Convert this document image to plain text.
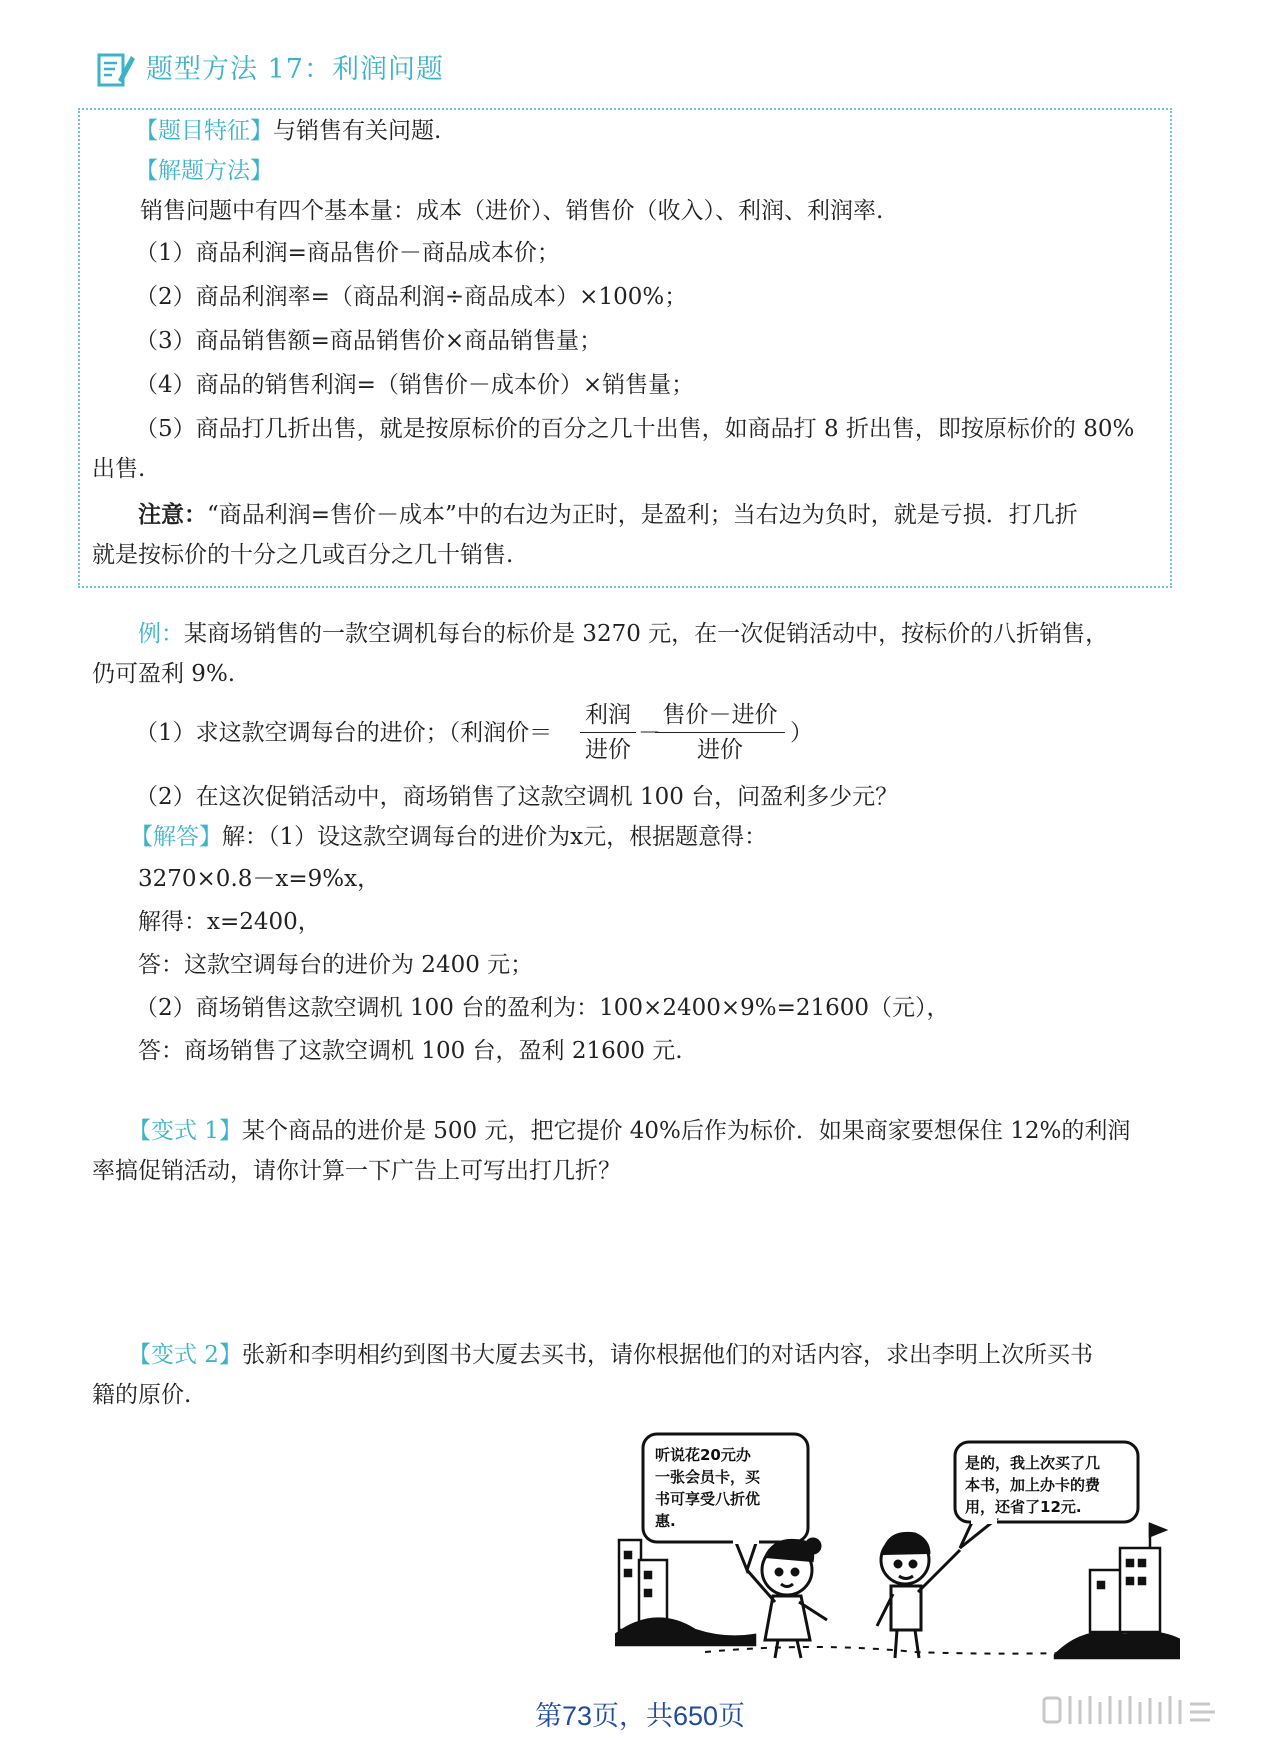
题型方法 17：利润问题
【题目特征】与销售有关问题.
【解题方法】
销售问题中有四个基本量：成本（进价）、销售价（收入）、利润、利润率.
（1）商品利润=商品售价－商品成本价；
（2）商品利润率=（商品利润÷商品成本）×100%；
（3）商品销售额=商品销售价×商品销售量；
（4）商品的销售利润=（销售价－成本价）×销售量；
（5）商品打几折出售，就是按原标价的百分之几十出售，如商品打 8 折出售，即按原标价的 80%
出售.
注意：“商品利润=售价－成本”中的右边为正时，是盈利；当右边为负时，就是亏损．打几折
就是按标价的十分之几或百分之几十销售.
例：某商场销售的一款空调机每台的标价是 3270 元，在一次促销活动中，按标价的八折销售，
仍可盈利 9%.
（1）求这款空调每台的进价；（利润价＝
利润
进价
－
售价－进价
进价
）
（2）在这次促销活动中，商场销售了这款空调机 100 台，问盈利多少元？
【解答】解：（1）设这款空调每台的进价为x元，根据题意得：
3270×0.8－x=9%x，
解得：x=2400，
答：这款空调每台的进价为 2400 元；
（2）商场销售这款空调机 100 台的盈利为：100×2400×9%=21600（元），
答：商场销售了这款空调机 100 台，盈利 21600 元.
【变式 1】某个商品的进价是 500 元，把它提价 40%后作为标价．如果商家要想保住 12%的利润
率搞促销活动，请你计算一下广告上可写出打几折？
【变式 2】张新和李明相约到图书大厦去买书，请你根据他们的对话内容，求出李明上次所买书
籍的原价.
听说花20元办
一张会员卡，买
书可享受八折优
惠.
是的，我上次买了几
本书，加上办卡的费
用，还省了12元.
第73页，共650页
